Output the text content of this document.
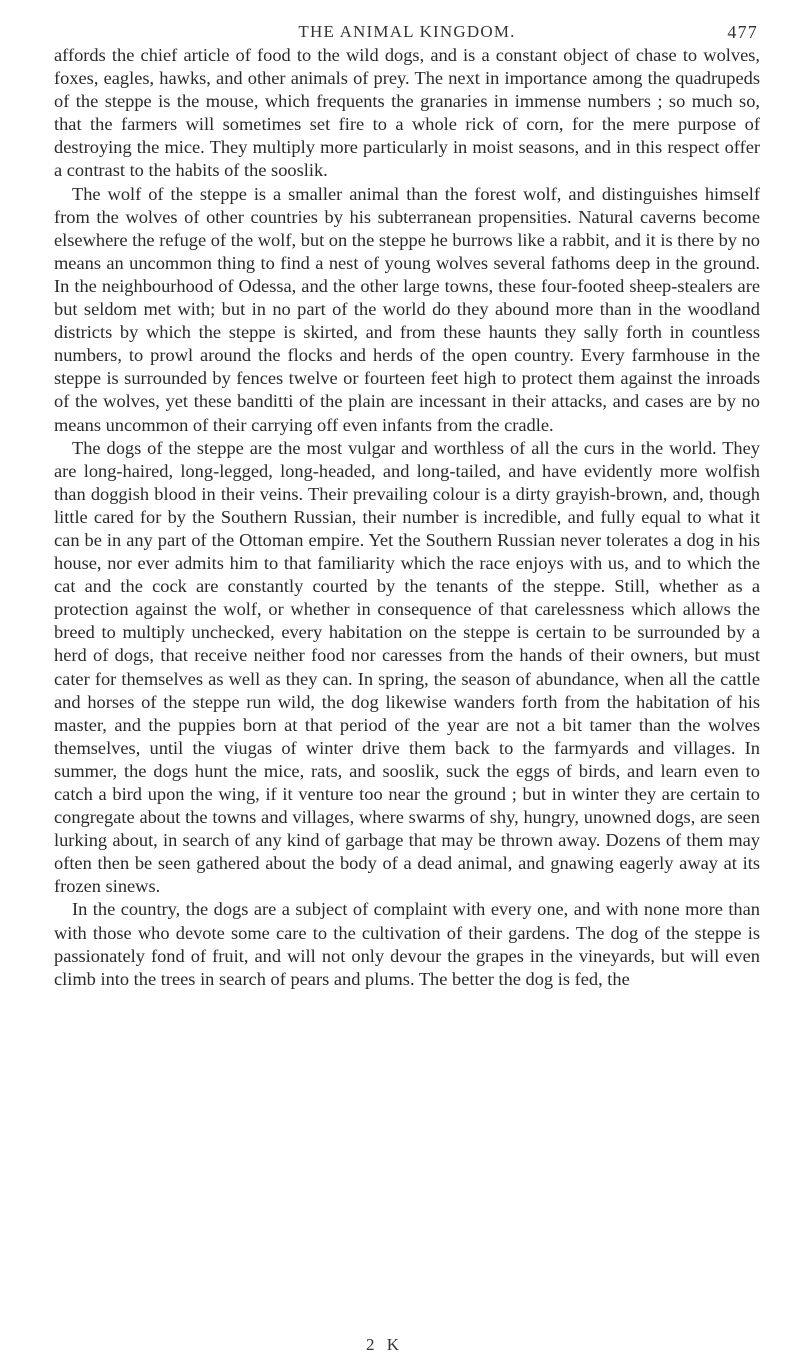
THE ANIMAL KINGDOM.	477

affords the chief article of food to the wild dogs, and is a constant object of chase to wolves, foxes, eagles, hawks, and other animals of prey. The next in importance among the quadrupeds of the steppe is the mouse, which frequents the granaries in immense numbers ; so much so, that the farmers will sometimes set fire to a whole rick of corn, for the mere purpose of destroying the mice. They multiply more particularly in moist seasons, and in this respect offer a contrast to the habits of the sooslik.

The wolf of the steppe is a smaller animal than the forest wolf, and distinguishes himself from the wolves of other countries by his subterranean propensities. Natural caverns become elsewhere the refuge of the wolf, but on the steppe he burrows like a rabbit, and it is there by no means an uncommon thing to find a nest of young wolves several fathoms deep in the ground. In the neighbourhood of Odessa, and the other large towns, these four-footed sheep-stealers are but seldom met with; but in no part of the world do they abound more than in the woodland districts by which the steppe is skirted, and from these haunts they sally forth in countless numbers, to prowl around the flocks and herds of the open country. Every farmhouse in the steppe is surrounded by fences twelve or fourteen feet high to protect them against the inroads of the wolves, yet these banditti of the plain are incessant in their attacks, and cases are by no means uncommon of their carrying off even infants from the cradle.

The dogs of the steppe are the most vulgar and worthless of all the curs in the world. They are long-haired, long-legged, long-headed, and long-tailed, and have evidently more wolfish than doggish blood in their veins. Their prevailing colour is a dirty grayish-brown, and, though little cared for by the Southern Russian, their number is incredible, and fully equal to what it can be in any part of the Ottoman empire. Yet the Southern Russian never tolerates a dog in his house, nor ever admits him to that familiarity which the race enjoys with us, and to which the cat and the cock are constantly courted by the tenants of the steppe. Still, whether as a protection against the wolf, or whether in consequence of that carelessness which allows the breed to multiply unchecked, every habitation on the steppe is certain to be surrounded by a herd of dogs, that receive neither food nor caresses from the hands of their owners, but must cater for themselves as well as they can. In spring, the season of abundance, when all the cattle and horses of the steppe run wild, the dog likewise wanders forth from the habitation of his master, and the puppies born at that period of the year are not a bit tamer than the wolves themselves, until the viugas of winter drive them back to the farmyards and villages. In summer, the dogs hunt the mice, rats, and sooslik, suck the eggs of birds, and learn even to catch a bird upon the wing, if it venture too near the ground ; but in winter they are certain to congregate about the towns and villages, where swarms of shy, hungry, unowned dogs, are seen lurking about, in search of any kind of garbage that may be thrown away. Dozens of them may often then be seen gathered about the body of a dead animal, and gnawing eagerly away at its frozen sinews.

In the country, the dogs are a subject of complaint with every one, and with none more than with those who devote some care to the cultivation of their gardens. The dog of the steppe is passionately fond of fruit, and will not only devour the grapes in the vineyards, but will even climb into the trees in search of pears and plums. The better the dog is fed, the

2 K
